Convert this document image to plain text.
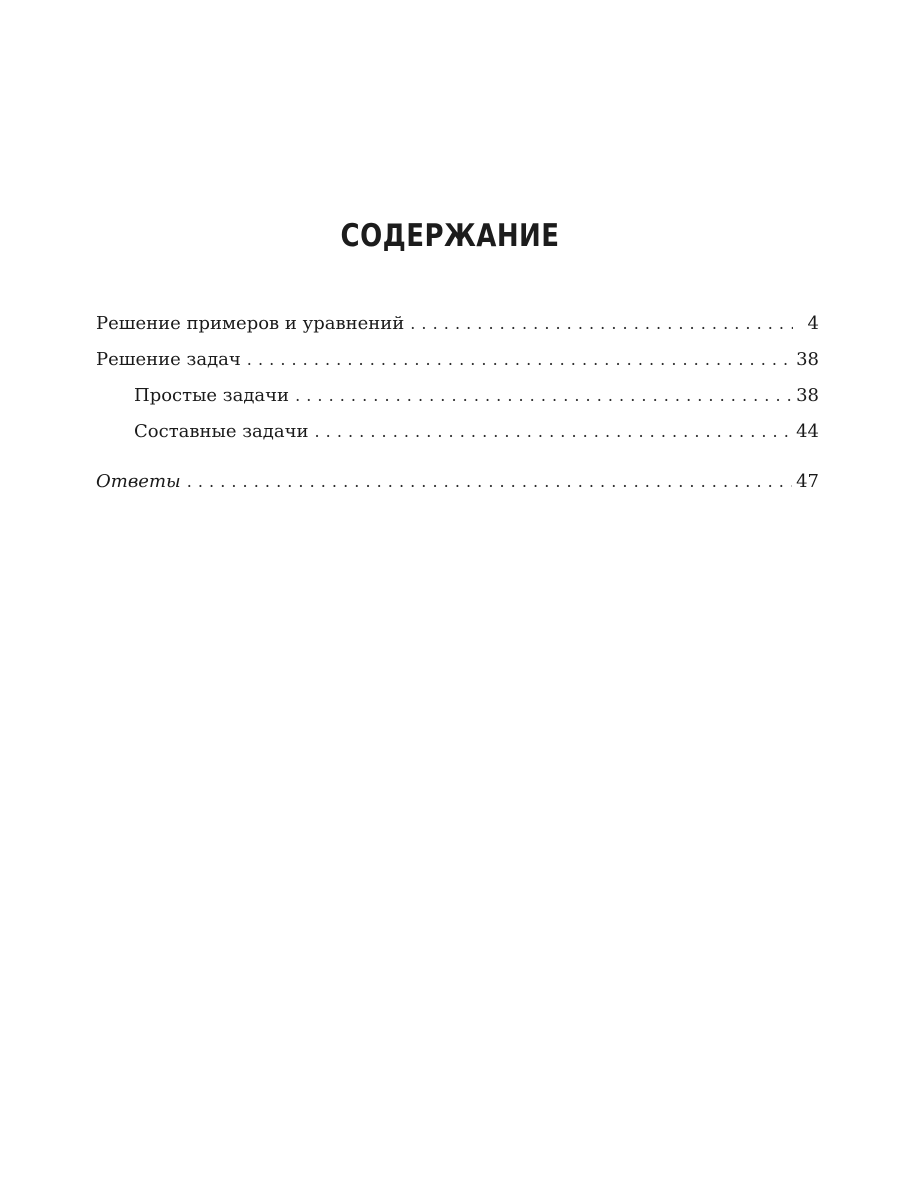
СОДЕРЖАНИЕ
Решение примеров и уравнений . . .	4
Решение задач . . .	38
Простые задачи . . .	38
Составные задачи . . .	44
Ответы . . .	47
